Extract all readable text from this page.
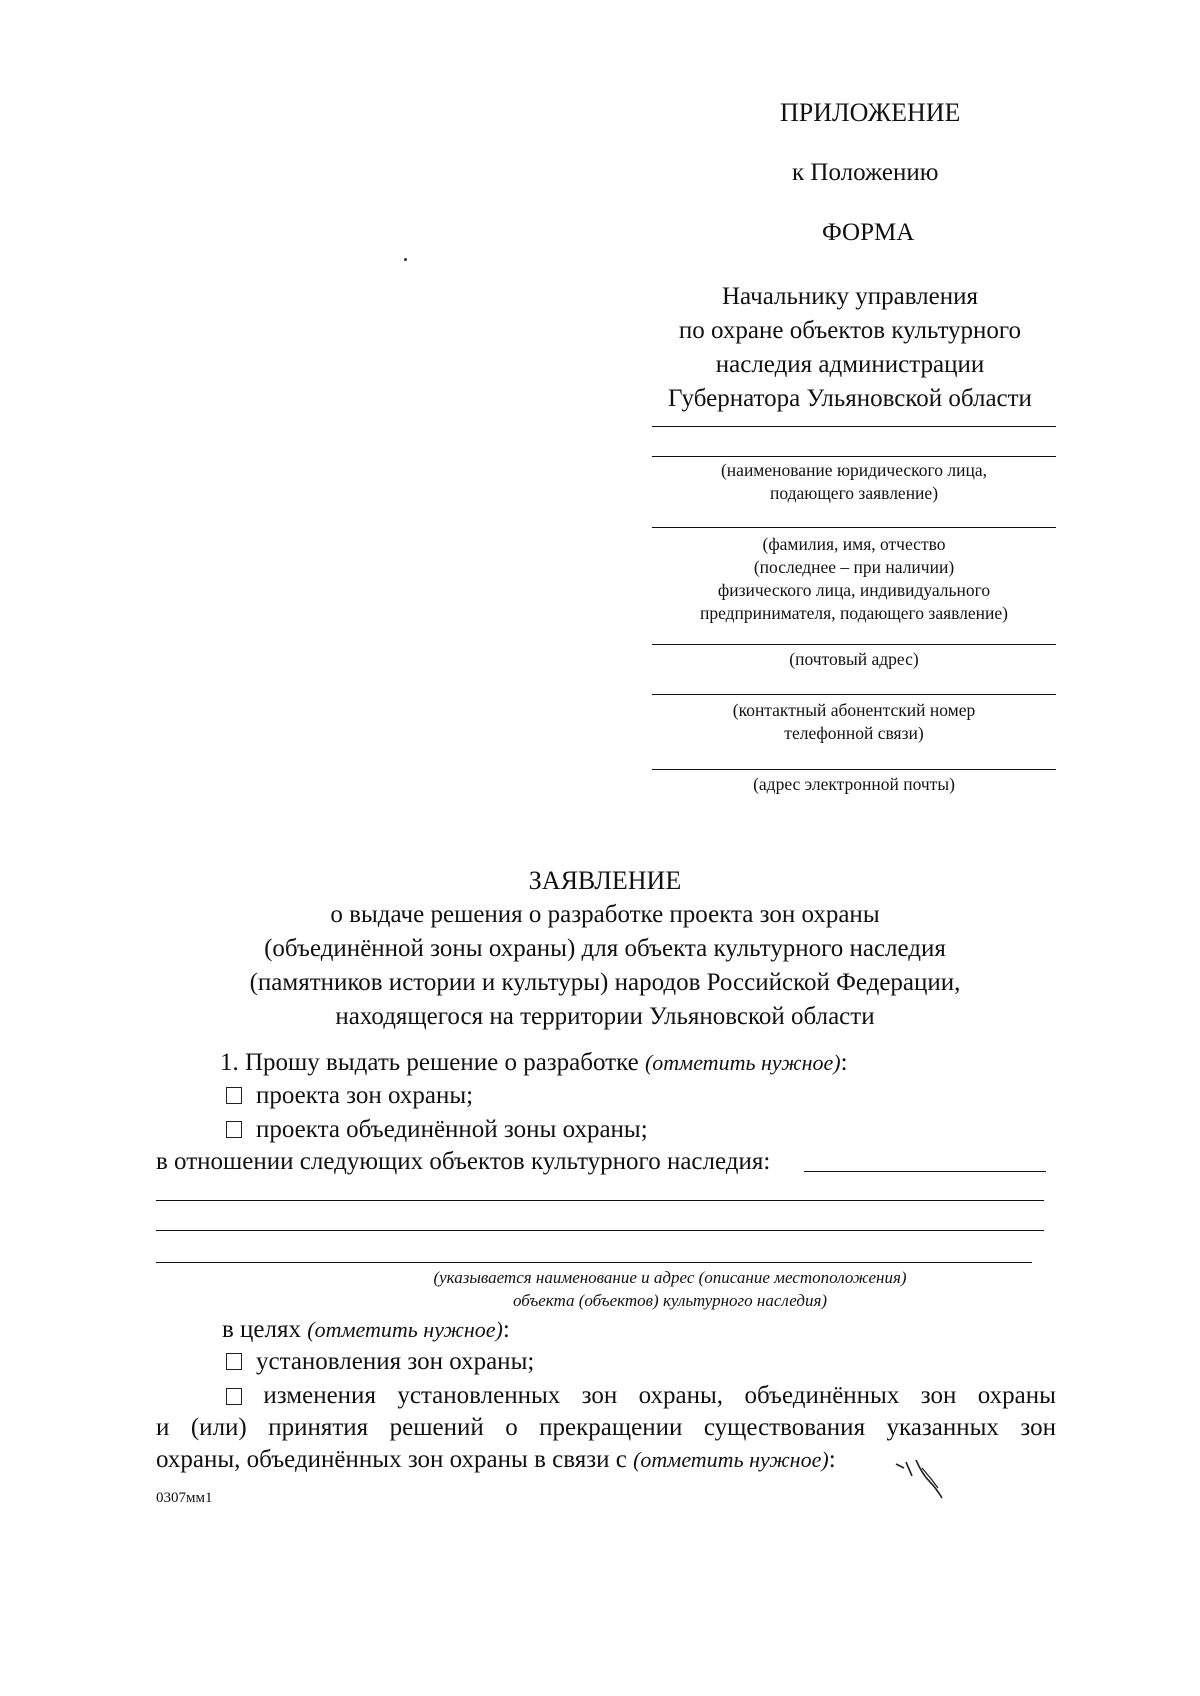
ПРИЛОЖЕНИЕ
к Положению
ФОРМА
Начальнику управления
по охране объектов культурного
наследия администрации
Губернатора Ульяновской области
(наименование юридического лица,
подающего заявление)
(фамилия, имя, отчество
(последнее – при наличии)
физического лица, индивидуального
предпринимателя, подающего заявление)
(почтовый адрес)
(контактный абонентский номер
телефонной связи)
(адрес электронной почты)
ЗАЯВЛЕНИЕ
о выдаче решения о разработке проекта зон охраны
(объединённой зоны охраны) для объекта культурного наследия
(памятников истории и культуры) народов Российской Федерации,
находящегося на территории Ульяновской области
1. Прошу выдать решение о разработке (отметить нужное):
проекта зон охраны;
проекта объединённой зоны охраны;
в отношении следующих объектов культурного наследия:
(указывается наименование и адрес (описание местоположения)
объекта (объектов) культурного наследия)
в целях (отметить нужное):
установления зон охраны;
изменения установленных зон охраны, объединённых зон охраны
и (или) принятия решений о прекращении существования указанных зон
охраны, объединённых зон охраны в связи с (отметить нужное):
0307мм1
